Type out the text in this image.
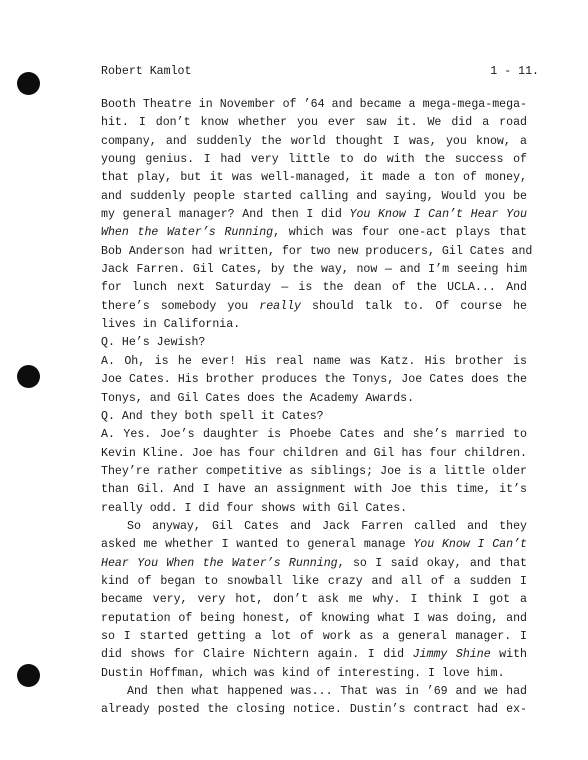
Robert Kamlot

	1 - 11.

Booth Theatre in November of ’64 and became a mega-mega-mega-
hit. I don’t know whether you ever saw it. We did a road
company, and suddenly the world thought I was, you know, a
young genius. I had very little to do with the success of
that play, but it was well-managed, it made a ton of money,
and suddenly people started calling and saying, Would you be
my general manager? And then I did You Know I Can’t Hear You
When the Water’s Running, which was four one-act plays that
Bob Anderson had written, for two new producers, Gil Cates and
Jack Farren. Gil Cates, by the way, now — and I’m seeing him
for lunch next Saturday — is the dean of the UCLA... And
there’s somebody you really should talk to. Of course he
lives in California.
Q. He’s Jewish?
A. Oh, is he ever! His real name was Katz. His brother is
Joe Cates. His brother produces the Tonys, Joe Cates does the
Tonys, and Gil Cates does the Academy Awards.
Q. And they both spell it Cates?
A. Yes. Joe’s daughter is Phoebe Cates and she’s married to
Kevin Kline. Joe has four children and Gil has four children.
They’re rather competitive as siblings; Joe is a little older
than Gil. And I have an assignment with Joe this time, it’s
really odd. I did four shows with Gil Cates.
So anyway, Gil Cates and Jack Farren called and they
asked me whether I wanted to general manage You Know I Can’t
Hear You When the Water’s Running, so I said okay, and that
kind of began to snowball like crazy and all of a sudden I
became very, very hot, don’t ask me why. I think I got a
reputation of being honest, of knowing what I was doing, and
so I started getting a lot of work as a general manager. I
did shows for Claire Nichtern again. I did Jimmy Shine with
Dustin Hoffman, which was kind of interesting. I love him.
And then what happened was... That was in ’69 and we had
already posted the closing notice. Dustin’s contract had ex-
